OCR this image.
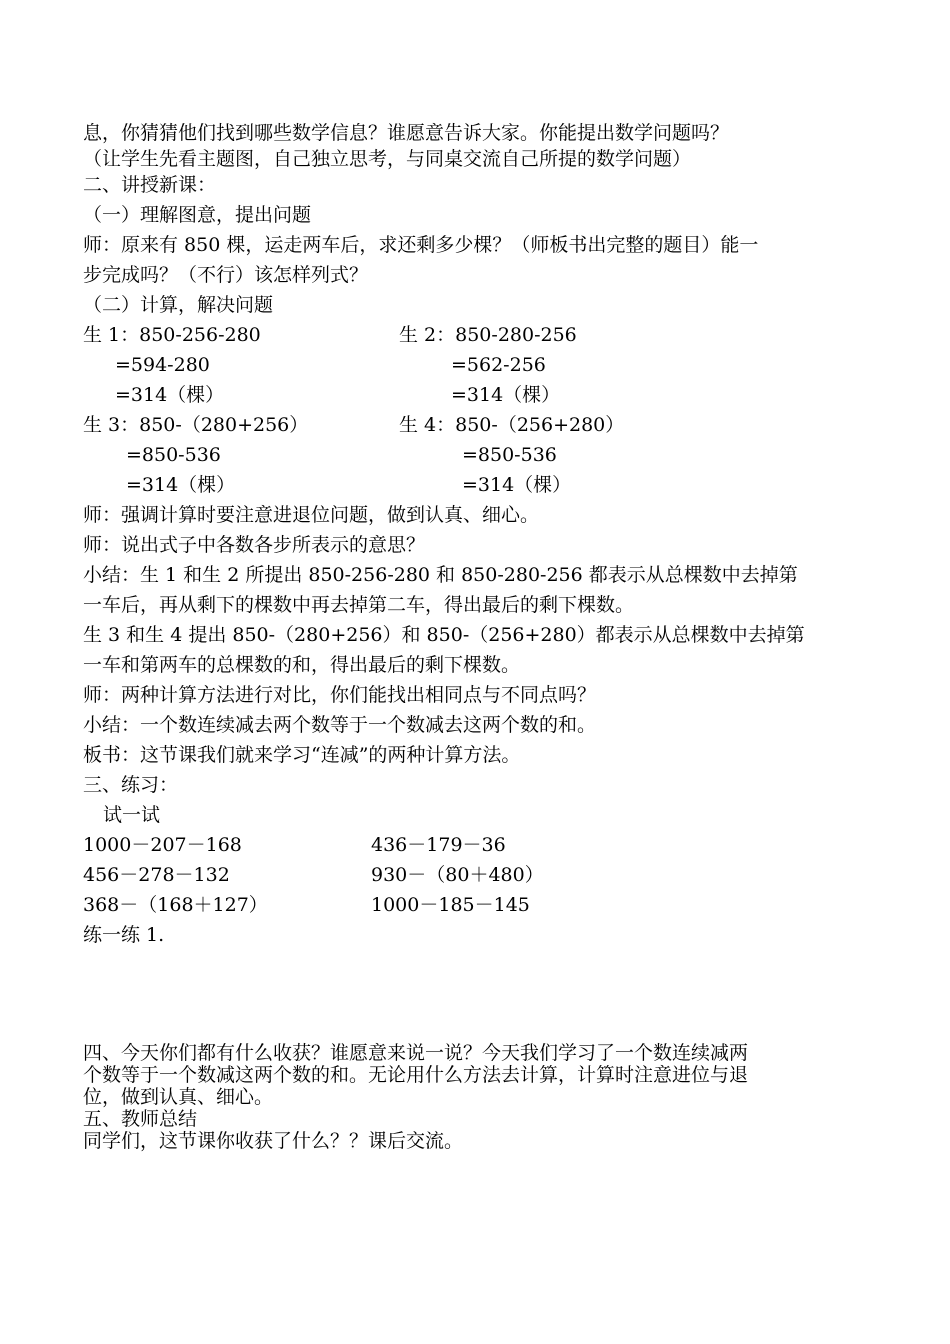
息，你猜猜他们找到哪些数学信息？谁愿意告诉大家。你能提出数学问题吗？
（让学生先看主题图，自己独立思考，与同桌交流自己所提的数学问题）
二、讲授新课：
（一）理解图意，提出问题
师：原来有 850 棵，运走两车后，求还剩多少棵？（师板书出完整的题目）能一
步完成吗？（不行）该怎样列式？
（二）计算，解决问题
生 1：850-256-280	生 2：850-280-256
=594-280	=562-256
=314（棵）	=314（棵）
生 3：850-（280+256）	生 4：850-（256+280）
=850-536	=850-536
=314（棵）	=314（棵）
师：强调计算时要注意进退位问题，做到认真、细心。
师：说出式子中各数各步所表示的意思？
小结：生 1 和生 2 所提出 850-256-280 和 850-280-256 都表示从总棵数中去掉第
一车后，再从剩下的棵数中再去掉第二车，得出最后的剩下棵数。
生 3 和生 4 提出 850-（280+256）和 850-（256+280）都表示从总棵数中去掉第
一车和第两车的总棵数的和，得出最后的剩下棵数。
师：两种计算方法进行对比，你们能找出相同点与不同点吗？
小结：一个数连续减去两个数等于一个数减去这两个数的和。
板书：这节课我们就来学习“连减”的两种计算方法。
三、练习：
试一试
1000－207－168	436－179－36
456－278－132	930－（80＋480）
368－（168＋127）	1000－185－145
练一练 1.
四、今天你们都有什么收获？谁愿意来说一说？今天我们学习了一个数连续减两
个数等于一个数减这两个数的和。无论用什么方法去计算，计算时注意进位与退
位，做到认真、细心。
五、教师总结
同学们，这节课你收获了什么？？课后交流。
